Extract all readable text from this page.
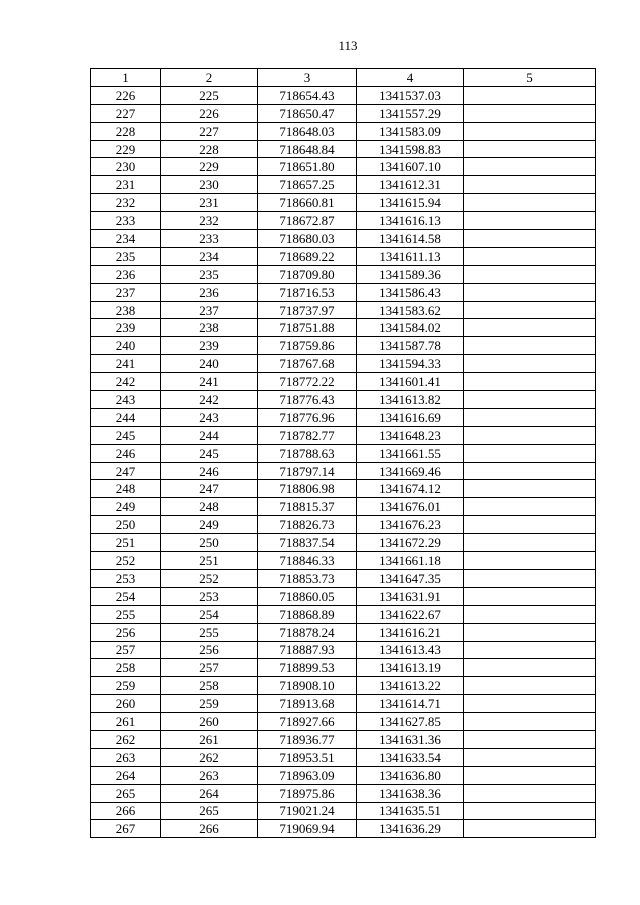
113
1	2	3	4	5
226	225	718654.43	1341537.03	
227	226	718650.47	1341557.29	
228	227	718648.03	1341583.09	
229	228	718648.84	1341598.83	
230	229	718651.80	1341607.10	
231	230	718657.25	1341612.31	
232	231	718660.81	1341615.94	
233	232	718672.87	1341616.13	
234	233	718680.03	1341614.58	
235	234	718689.22	1341611.13	
236	235	718709.80	1341589.36	
237	236	718716.53	1341586.43	
238	237	718737.97	1341583.62	
239	238	718751.88	1341584.02	
240	239	718759.86	1341587.78	
241	240	718767.68	1341594.33	
242	241	718772.22	1341601.41	
243	242	718776.43	1341613.82	
244	243	718776.96	1341616.69	
245	244	718782.77	1341648.23	
246	245	718788.63	1341661.55	
247	246	718797.14	1341669.46	
248	247	718806.98	1341674.12	
249	248	718815.37	1341676.01	
250	249	718826.73	1341676.23	
251	250	718837.54	1341672.29	
252	251	718846.33	1341661.18	
253	252	718853.73	1341647.35	
254	253	718860.05	1341631.91	
255	254	718868.89	1341622.67	
256	255	718878.24	1341616.21	
257	256	718887.93	1341613.43	
258	257	718899.53	1341613.19	
259	258	718908.10	1341613.22	
260	259	718913.68	1341614.71	
261	260	718927.66	1341627.85	
262	261	718936.77	1341631.36	
263	262	718953.51	1341633.54	
264	263	718963.09	1341636.80	
265	264	718975.86	1341638.36	
266	265	719021.24	1341635.51	
267	266	719069.94	1341636.29	
